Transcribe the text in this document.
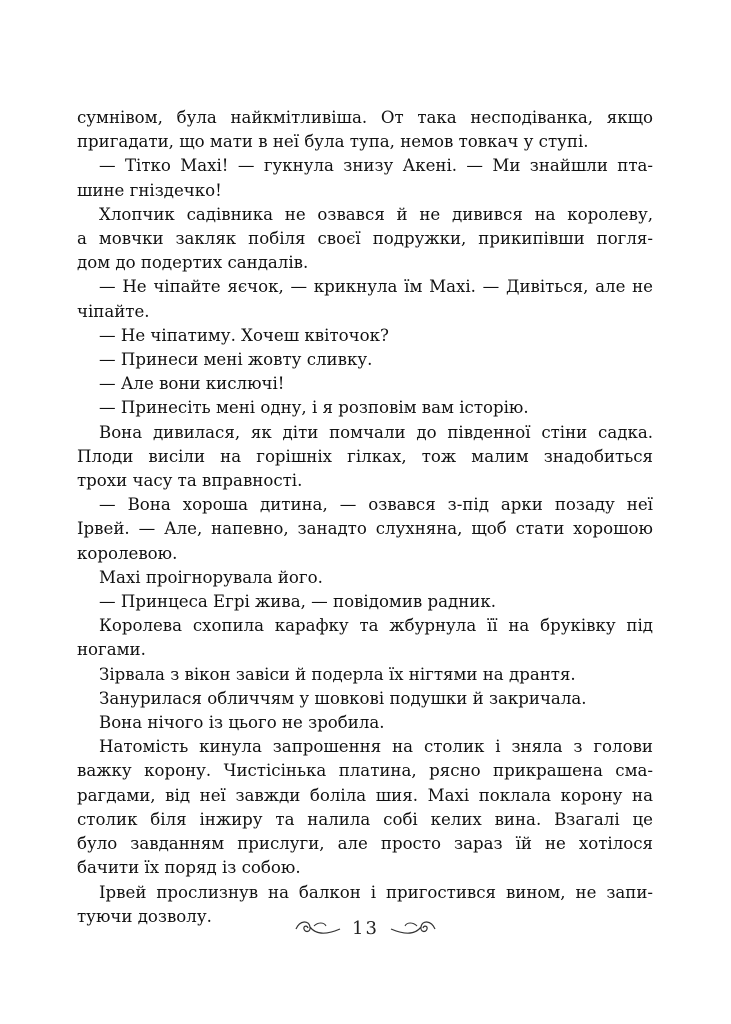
сумнівом, була найкмітливіша. От така несподіванка, якщо
пригадати, що мати в неї була тупа, немов товкач у ступі.
— Тітко Махі! — гукнула знизу Акені. — Ми знайшли пта-
шине гніздечко!
Хлопчик садівника не озвався й не дивився на королеву,
а мовчки закляк побіля своєї подружки, прикипівши погля-
дом до подертих сандалів.
— Не чіпайте яєчок, — крикнула їм Махі. — Дивіться, але не
чіпайте.
— Не чіпатиму. Хочеш квіточок?
— Принеси мені жовту сливку.
— Але вони кислючі!
— Принесіть мені одну, і я розповім вам історію.
Вона дивилася, як діти помчали до південної стіни садка.
Плоди висіли на горішніх гілках, тож малим знадобиться
трохи часу та вправності.
— Вона хороша дитина, — озвався з-під арки позаду неї
Ірвей. — Але, напевно, занадто слухняна, щоб стати хорошою
королевою.
Махі проігнорувала його.
— Принцеса Егрі жива, — повідомив радник.
Королева схопила карафку та жбурнула її на бруківку під
ногами.
Зірвала з вікон завіси й подерла їх нігтями на дрантя.
Занурилася обличчям у шовкові подушки й закричала.
Вона нічого із цього не зробила.
Натомість кинула запрошення на столик і зняла з голови
важку корону. Чистісінька платина, рясно прикрашена сма-
рагдами, від неї завжди боліла шия. Махі поклала корону на
столик біля інжиру та налила собі келих вина. Взагалі це
було завданням прислуги, але просто зараз їй не хотілося
бачити їх поряд із собою.
Ірвей прослизнув на балкон і пригостився вином, не запи-
туючи дозволу.
13
